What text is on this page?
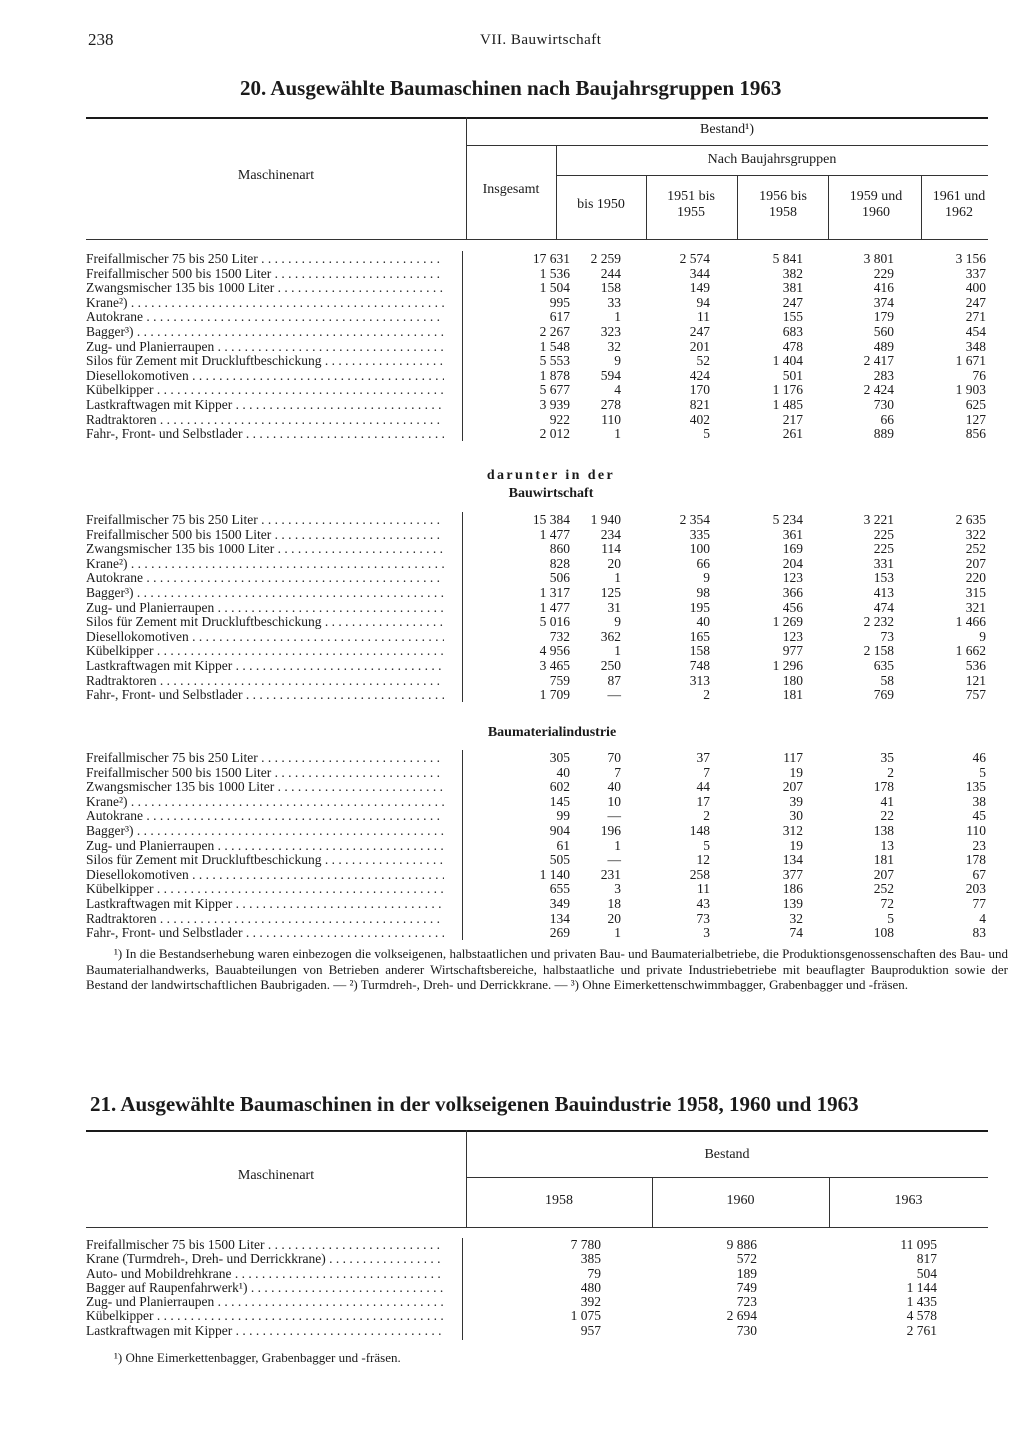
238	VII. Bauwirtschaft
20. Ausgewählte Baumaschinen nach Baujahrsgruppen 1963
Maschinenart
Bestand¹)
Insgesamt
Nach Baujahrsgruppen
bis 1950
1951 bis 1955
1956 bis 1958
1959 und 1960
1961 und 1962
Freifallmischer 75 bis 250 Liter . . .	17 631	2 259	2 574	5 841	3 801	3 156
Freifallmischer 500 bis 1500 Liter . . .	1 536	244	344	382	229	337
Zwangsmischer 135 bis 1000 Liter . . .	1 504	158	149	381	416	400
Krane²) . . .	995	33	94	247	374	247
Autokrane . . .	617	1	11	155	179	271
Bagger³) . . .	2 267	323	247	683	560	454
Zug- und Planierraupen . . .	1 548	32	201	478	489	348
Silos für Zement mit Druckluftbeschickung . . .	5 553	9	52	1 404	2 417	1 671
Diesellokomotiven . . .	1 878	594	424	501	283	76
Kübelkipper . . .	5 677	4	170	1 176	2 424	1 903
Lastkraftwagen mit Kipper . . .	3 939	278	821	1 485	730	625
Radtraktoren . . .	922	110	402	217	66	127
Fahr-, Front- und Selbstlader . . .	2 012	1	5	261	889	856
darunter in der
Bauwirtschaft
Freifallmischer 75 bis 250 Liter . . .	15 384	1 940	2 354	5 234	3 221	2 635
Freifallmischer 500 bis 1500 Liter . . .	1 477	234	335	361	225	322
Zwangsmischer 135 bis 1000 Liter . . .	860	114	100	169	225	252
Krane²) . . .	828	20	66	204	331	207
Autokrane . . .	506	1	9	123	153	220
Bagger³) . . .	1 317	125	98	366	413	315
Zug- und Planierraupen . . .	1 477	31	195	456	474	321
Silos für Zement mit Druckluftbeschickung . . .	5 016	9	40	1 269	2 232	1 466
Diesellokomotiven . . .	732	362	165	123	73	9
Kübelkipper . . .	4 956	1	158	977	2 158	1 662
Lastkraftwagen mit Kipper . . .	3 465	250	748	1 296	635	536
Radtraktoren . . .	759	87	313	180	58	121
Fahr-, Front- und Selbstlader . . .	1 709	—	2	181	769	757
Baumaterialindustrie
Freifallmischer 75 bis 250 Liter . . .	305	70	37	117	35	46
Freifallmischer 500 bis 1500 Liter . . .	40	7	7	19	2	5
Zwangsmischer 135 bis 1000 Liter . . .	602	40	44	207	178	135
Krane²) . . .	145	10	17	39	41	38
Autokrane . . .	99	—	2	30	22	45
Bagger³) . . .	904	196	148	312	138	110
Zug- und Planierraupen . . .	61	1	5	19	13	23
Silos für Zement mit Druckluftbeschickung . . .	505	—	12	134	181	178
Diesellokomotiven . . .	1 140	231	258	377	207	67
Kübelkipper . . .	655	3	11	186	252	203
Lastkraftwagen mit Kipper . . .	349	18	43	139	72	77
Radtraktoren . . .	134	20	73	32	5	4
Fahr-, Front- und Selbstlader . . .	269	1	3	74	108	83
¹) In die Bestandserhebung waren einbezogen die volkseigenen, halbstaatlichen und privaten Bau- und Baumaterialbetriebe, die Produktionsgenossenschaften des Bau- und Baumaterialhandwerks, Bauabteilungen von Betrieben anderer Wirtschaftsbereiche, halbstaatliche und private Industriebetriebe mit beauflagter Bauproduktion sowie der Bestand der landwirtschaftlichen Baubrigaden. — ²) Turmdreh-, Dreh- und Derrickkrane. — ³) Ohne Eimerkettenschwimmbagger, Grabenbagger und -fräsen.
21. Ausgewählte Baumaschinen in der volkseigenen Bauindustrie 1958, 1960 und 1963
Maschinenart
Bestand
1958	1960	1963
Freifallmischer 75 bis 1500 Liter . . .	7 780	9 886	11 095
Krane (Turmdreh-, Dreh- und Derrickkrane) . . .	385	572	817
Auto- und Mobildrehkrane . . .	79	189	504
Bagger auf Raupenfahrwerk¹) . . .	480	749	1 144
Zug- und Planierraupen . . .	392	723	1 435
Kübelkipper . . .	1 075	2 694	4 578
Lastkraftwagen mit Kipper . . .	957	730	2 761
¹) Ohne Eimerkettenbagger, Grabenbagger und -fräsen.
